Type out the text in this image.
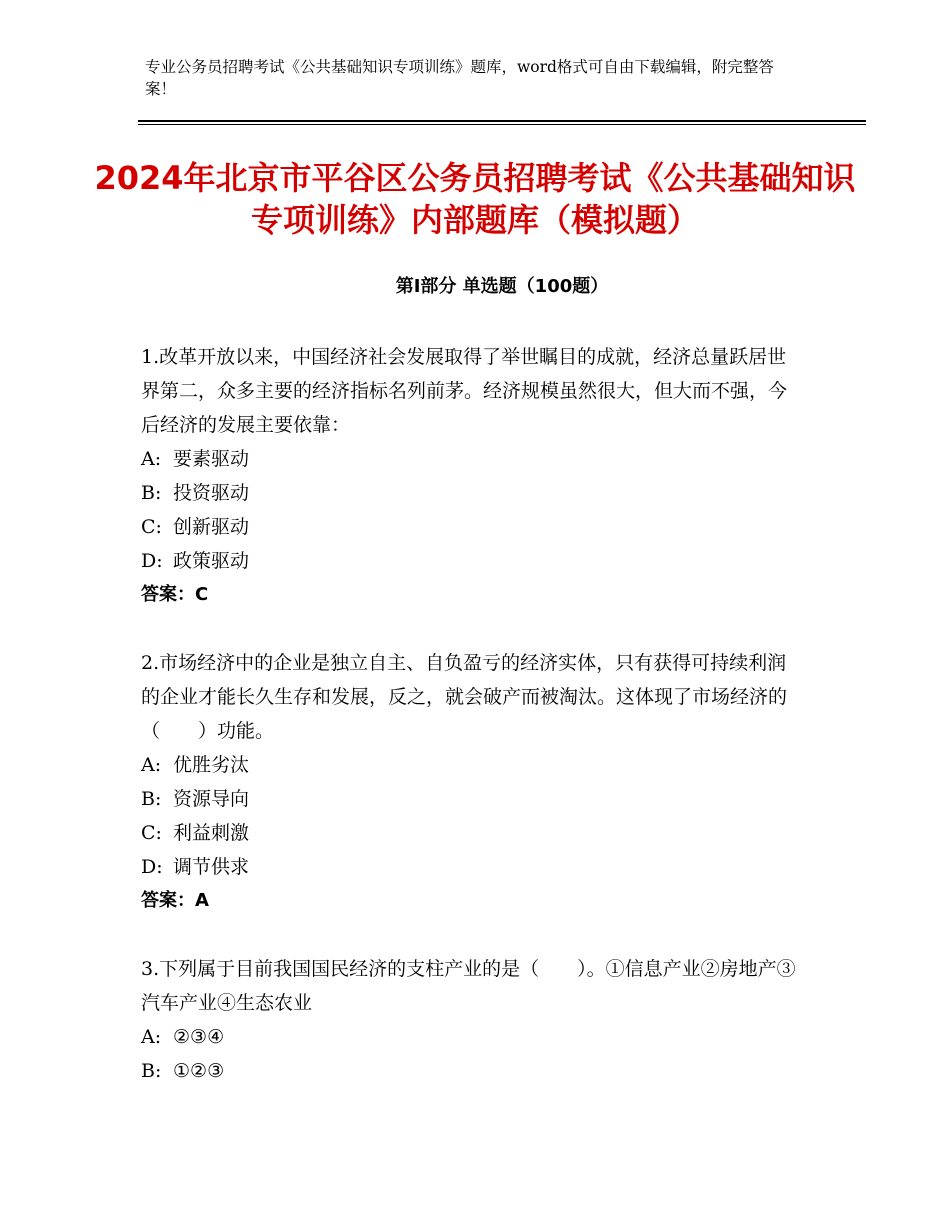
专业公务员招聘考试《公共基础知识专项训练》题库，word格式可自由下载编辑，附完整答案！
2024年北京市平谷区公务员招聘考试《公共基础知识专项训练》内部题库（模拟题）
第Ⅰ部分 单选题（100题）

1.改革开放以来，中国经济社会发展取得了举世瞩目的成就，经济总量跃居世界第二，众多主要的经济指标名列前茅。经济规模虽然很大，但大而不强，今后经济的发展主要依靠：

A: 要素驱动

B: 投资驱动

C: 创新驱动

D: 政策驱动

答案：C

2.市场经济中的企业是独立自主、自负盈亏的经济实体，只有获得可持续利润的企业才能长久生存和发展，反之，就会破产而被淘汰。这体现了市场经济的（　　）功能。

A: 优胜劣汰

B: 资源导向

C: 利益刺激

D: 调节供求

答案：A

3.下列属于目前我国国民经济的支柱产业的是（　　）。①信息产业②房地产③汽车产业④生态农业

A: ②③④

B: ①②③
